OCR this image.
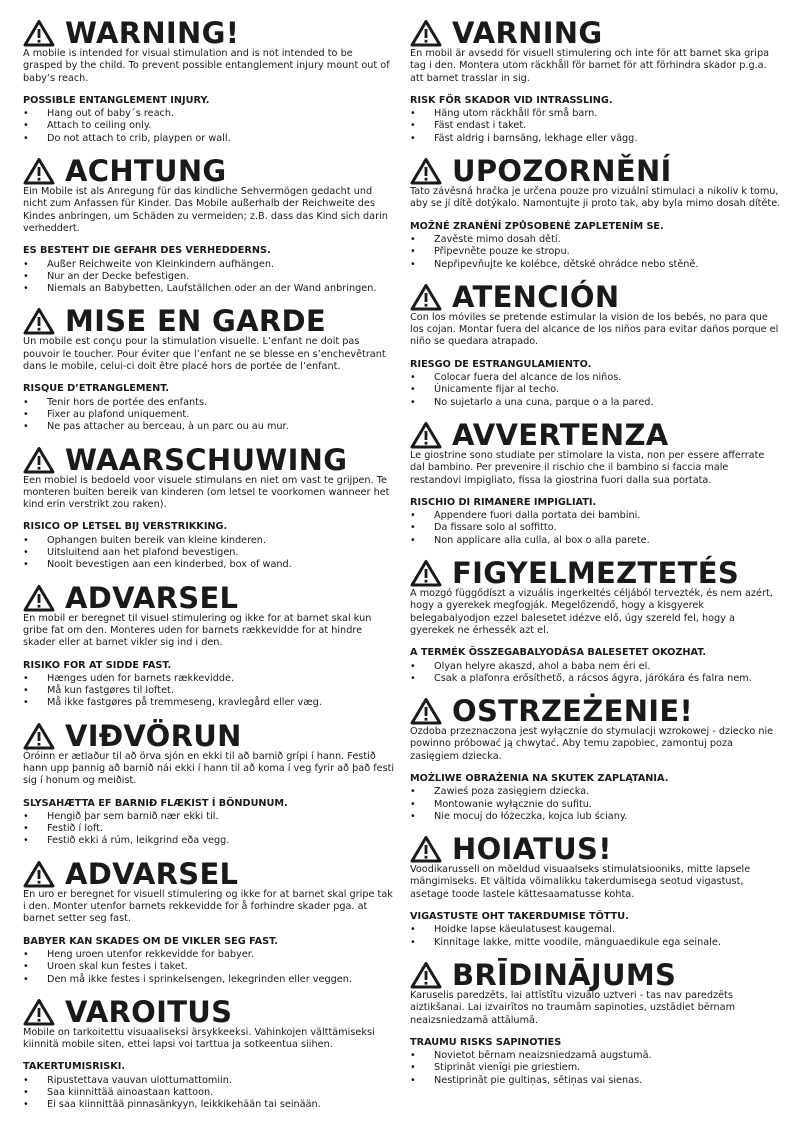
WARNING!

A mobile is intended for visual stimulation and is not intended to be grasped by the child. To prevent possible entanglement injury mount out of baby’s reach.

POSSIBLE ENTANGLEMENT INJURY.

• Hang out of baby´s reach.
• Attach to ceiling only.
• Do not attach to crib, playpen or wall.
ACHTUNG

Ein Mobile ist als Anregung für das kindliche Sehvermögen gedacht und nicht zum Anfassen für Kinder. Das Mobile außerhalb der Reichweite des Kindes anbringen, um Schäden zu vermeiden; z.B. dass das Kind sich darin verheddert.

ES BESTEHT DIE GEFAHR DES VERHEDDERNS.

• Außer Reichweite von Kleinkindern aufhängen.
• Nur an der Decke befestigen.
• Niemals an Babybetten, Laufställchen oder an der Wand anbringen.
MISE EN GARDE

Un mobile est conçu pour la stimulation visuelle. L’enfant ne doit pas pouvoir le toucher. Pour éviter que l’enfant ne se blesse en s’enchevêtrant dans le mobile, celui-ci doit être placé hors de portée de l’enfant.

RISQUE D’ETRANGLEMENT.

• Tenir hors de portée des enfants.
• Fixer au plafond uniquement.
• Ne pas attacher au berceau, à un parc ou au mur.
WAARSCHUWING

Een mobiel is bedoeld voor visuele stimulans en niet om vast te grijpen. Te monteren buiten bereik van kinderen (om letsel te voorkomen wanneer het kind erin verstrikt zou raken).

RISICO OP LETSEL BIJ VERSTRIKKING.

• Ophangen buiten bereik van kleine kinderen.
• Uitsluitend aan het plafond bevestigen.
• Nooit bevestigen aan een kinderbed, box of wand.
ADVARSEL

En mobil er beregnet til visuel stimulering og ikke for at barnet skal kun gribe fat om den. Monteres uden for barnets rækkevidde for at hindre skader eller at barnet vikler sig ind i den.

RISIKO FOR AT SIDDE FAST.

• Hænges uden for barnets rækkevidde.
• Må kun fastgøres til loftet.
• Må ikke fastgøres på tremmeseng, kravlegård eller væg.
VIÐVÖRUN

Óróinn er ætlaður til að örva sjón en ekki til að barnið grípi í hann. Festið hann upp þannig að barnið nái ekki í hann til að koma í veg fyrir að það festi sig í honum og meiðist.

SLYSAHÆTTA EF BARNIÐ FLÆKIST Í BÖNDUNUM.

• Hengið þar sem barnið nær ekki til.
• Festið í loft.
• Festið ekki á rúm, leikgrind eða vegg.
ADVARSEL

En uro er beregnet for visuell stimulering og ikke for at barnet skal gripe tak i den. Monter utenfor barnets rekkevidde for å forhindre skader pga. at barnet setter seg fast.

BABYER KAN SKADES OM DE VIKLER SEG FAST.

• Heng uroen utenfor rekkevidde for babyer.
• Uroen skal kun festes i taket.
• Den må ikke festes i sprinkelsengen, lekegrinden eller veggen.
VAROITUS

Mobile on tarkoitettu visuaaliseksi ärsykkeeksi. Vahinkojen välttämiseksi kiinnitä mobile siten, ettei lapsi voi tarttua ja sotkeentua siihen.

TAKERTUMISRISKI.

• Ripustettava vauvan ulottumattomiin.
• Saa kiinnittää ainoastaan kattoon.
• Ei saa kiinnittää pinnasänkyyn, leikkikehään tai seinään.
VARNING

En mobil är avsedd för visuell stimulering och inte för att barnet ska gripa tag i den. Montera utom räckhåll för barnet för att förhindra skador p.g.a. att barnet trasslar in sig.

RISK FÖR SKADOR VID INTRASSLING.

• Häng utom räckhåll för små barn.
• Fäst endast i taket.
• Fäst aldrig i barnsäng, lekhage eller vägg.
UPOZORNĚNÍ

Tato závěsná hračka je určena pouze pro vizuální stimulaci a nikoliv k tomu, aby se jí dítě dotýkalo. Namontujte ji proto tak, aby byla mimo dosah dítěte.

MOŽNÉ ZRANĚNÍ ZPŮSOBENÉ ZAPLETENÍM SE.

• Zavěste mimo dosah dětí.
• Připevněte pouze ke stropu.
• Nepřipevňujte ke kolébce, dětské ohrádce nebo stěně.
ATENCIÓN

Con los móviles se pretende estimular la vision de los bebés, no para que los cojan. Montar fuera del alcance de los niños para evitar daños porque el niño se quedara atrapado.

RIESGO DE ESTRANGULAMIENTO.

• Colocar fuera del alcance de los niños.
• Únicamente fijar al techo.
• No sujetarlo a una cuna, parque o a la pared.
AVVERTENZA

Le giostrine sono studiate per stimolare la vista, non per essere afferrate dal bambino. Per prevenire il rischio che il bambino si faccia male restandovi impigliato, fissa la giostrina fuori dalla sua portata.

RISCHIO DI RIMANERE IMPIGLIATI.

• Appendere fuori dalla portata dei bambini.
• Da fissare solo al soffitto.
• Non applicare alla culla, al box o alla parete.
FIGYELMEZTETÉS

A mozgó függődíszt a vizuális ingerkeltés céljából tervezték, és nem azért, hogy a gyerekek megfogják. Megelőzendő, hogy a kisgyerek belegabalyodjon ezzel balesetet idézve elő, úgy szereld fel, hogy a gyerekek ne érhessék azt el.

A TERMÉK ÖSSZEGABALYODÁSA BALESETET OKOZHAT.

• Olyan helyre akaszd, ahol a baba nem éri el.
• Csak a plafonra erősíthető, a rácsos ágyra, járókára és falra nem.
OSTRZEŻENIE!

Ozdoba przeznaczona jest wyłącznie do stymulacji wzrokowej - dziecko nie powinno próbować ją chwytać. Aby temu zapobiec, zamontuj poza zasięgiem dziecka.

MOŻLIWE OBRAŻENIA NA SKUTEK ZAPLĄTANIA.

• Zawieś poza zasięgiem dziecka.
• Montowanie wyłącznie do sufitu.
• Nie mocuj do łóżeczka, kojca lub ściany.
HOIATUS!

Voodikarussell on mõeldud visuaalseks stimulatsiooniks, mitte lapsele mängimiseks. Et vältida võimalikku takerdumisega seotud vigastust, asetage toode lastele kättesaamatusse kohta.

VIGASTUSTE OHT TAKERDUMISE TÕTTU.

• Hoidke lapse käeulatusest kaugemal.
• Kinnitage lakke, mitte voodile, mänguaedikule ega seinale.
BRĪDINĀJUMS

Karuselis paredzēts, lai attīstītu vizuālo uztveri - tas nav paredzēts aiztikšanai. Lai izvairītos no traumām sapinoties, uzstādiet bērnam neaizsniedzamā attālumā.

TRAUMU RISKS SAPINOTIES

• Novietot bērnam neaizsniedzamā augstumā.
• Stiprināt vienīgi pie griestiem.
• Nestiprināt pie gultiņas, sētiņas vai sienas.
